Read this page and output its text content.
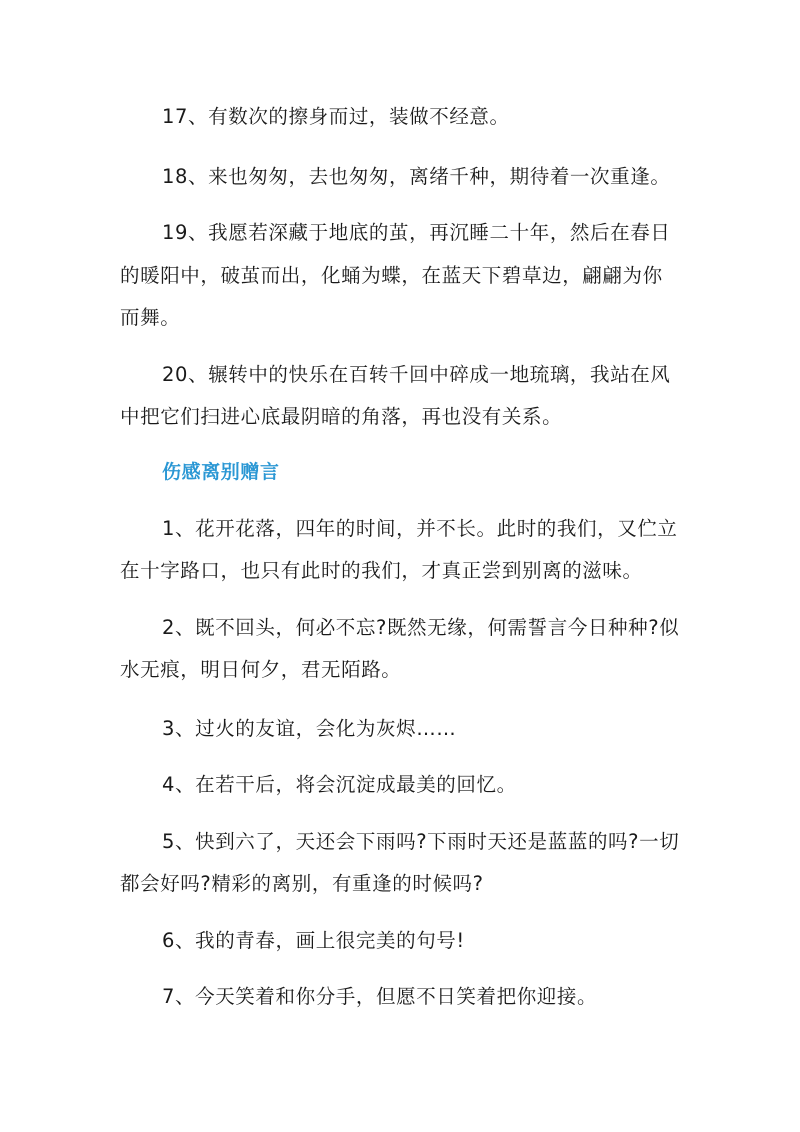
17、有数次的擦身而过，装做不经意。
18、来也匆匆，去也匆匆，离绪千种，期待着一次重逢。
19、我愿若深藏于地底的茧，再沉睡二十年，然后在春日
的暖阳中，破茧而出，化蛹为蝶，在蓝天下碧草边，翩翩为你
而舞。
20、辗转中的快乐在百转千回中碎成一地琉璃，我站在风
中把它们扫进心底最阴暗的角落，再也没有关系。
伤感离别赠言
1、花开花落，四年的时间，并不长。此时的我们，又伫立
在十字路口，也只有此时的我们，才真正尝到别离的滋味。
2、既不回头，何必不忘?既然无缘，何需誓言今日种种?似
水无痕，明日何夕，君无陌路。
3、过火的友谊，会化为灰烬……
4、在若干后，将会沉淀成最美的回忆。
5、快到六了，天还会下雨吗?下雨时天还是蓝蓝的吗?一切
都会好吗?精彩的离别，有重逢的时候吗?
6、我的青春，画上很完美的句号!
7、今天笑着和你分手，但愿不日笑着把你迎接。
